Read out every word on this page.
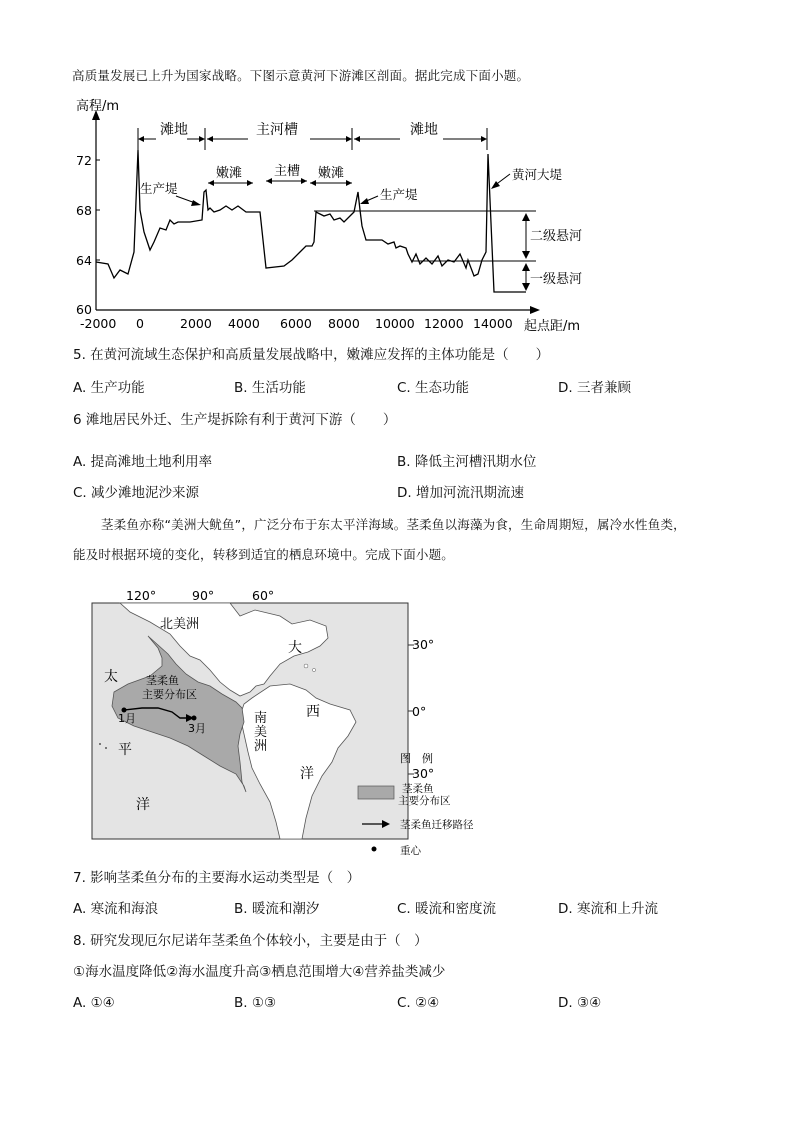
高质量发展已上升为国家战略。下图示意黄河下游滩区剖面。据此完成下面小题。
高程/m
起点距/m
72
68
64
60
-2000 0	2000 4000 6000 8000 10000 12000 14000
滩地	主河槽	滩地
嫩滩 主槽 嫩滩
二级悬河
一级悬河
生产堤	生产堤
黄河大堤
5. 在黄河流域生态保护和高质量发展战略中，嫩滩应发挥的主体功能是（　　）
A. 生产功能	B. 生活功能	C. 生态功能	D. 三者兼顾
6 滩地居民外迁、生产堤拆除有利于黄河下游（　　）
A. 提高滩地土地利用率	B. 降低主河槽汛期水位
C. 减少滩地泥沙来源	D. 增加河流汛期流速
茎柔鱼亦称“美洲大鱿鱼”，广泛分布于东太平洋海域。茎柔鱼以海藻为食，生命周期短，属冷水性鱼类，
能及时根据环境的变化，转移到适宜的栖息环境中。完成下面小题。
120°	90°	60°
30°
0°
30°
北美洲
南
美
洲
太
平
洋
大
西
洋
茎柔鱼
主要分布区
1月
3月
图　例
茎柔鱼
主要分布区
茎柔鱼迁移路径
重心
7. 影响茎柔鱼分布的主要海水运动类型是（　）
A. 寒流和海浪	B. 暖流和潮汐	C. 暖流和密度流	D. 寒流和上升流
8. 研究发现厄尔尼诺年茎柔鱼个体较小，主要是由于（　）
①海水温度降低②海水温度升高③栖息范围增大④营养盐类减少
A. ①④	B. ①③	C. ②④	D. ③④
